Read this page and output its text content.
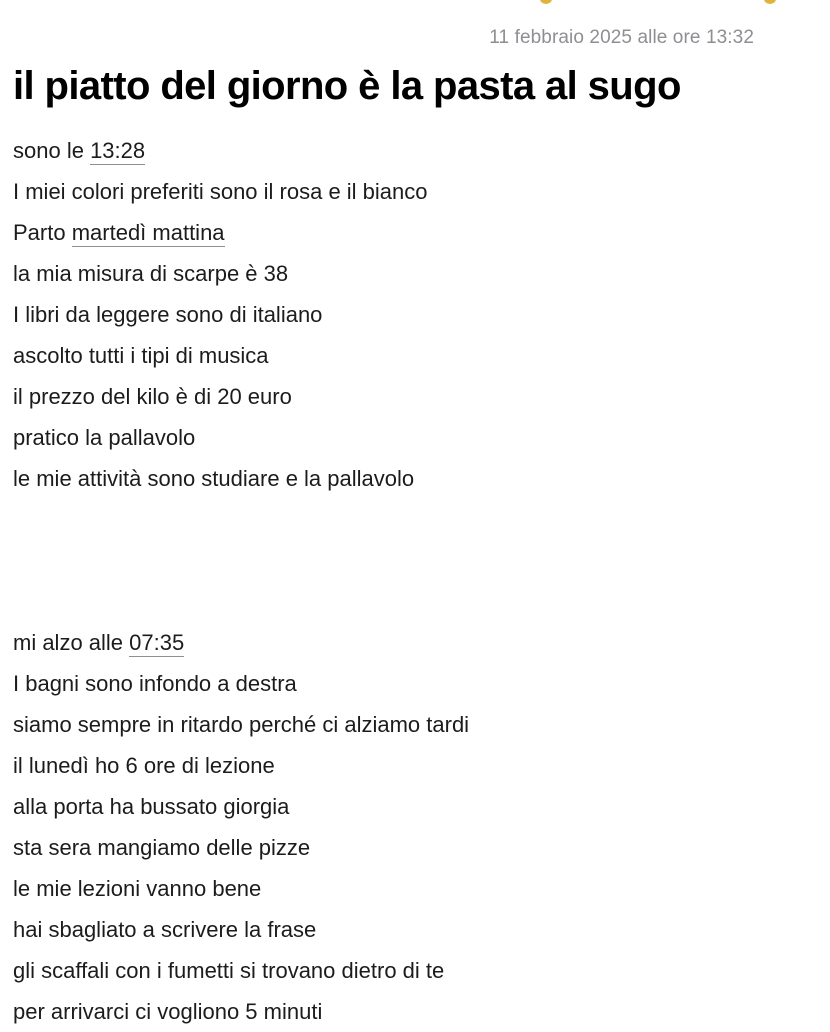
11 febbraio 2025 alle ore 13:32
il piatto del giorno è la pasta al sugo
sono le 13:28
I miei colori preferiti sono il rosa e il bianco
Parto martedì mattina
la mia misura di scarpe è 38
I libri da leggere sono di italiano
ascolto tutti i tipi di musica
il prezzo del kilo è di 20 euro
pratico la pallavolo
le mie attività sono studiare e la pallavolo
mi alzo alle 07:35
I bagni sono infondo a destra
siamo sempre in ritardo perché ci alziamo tardi
il lunedì ho 6 ore di lezione
alla porta ha bussato giorgia
sta sera mangiamo delle pizze
le mie lezioni vanno bene
hai sbagliato a scrivere la frase
gli scaffali con i fumetti si trovano dietro di te
per arrivarci ci vogliono 5 minuti
